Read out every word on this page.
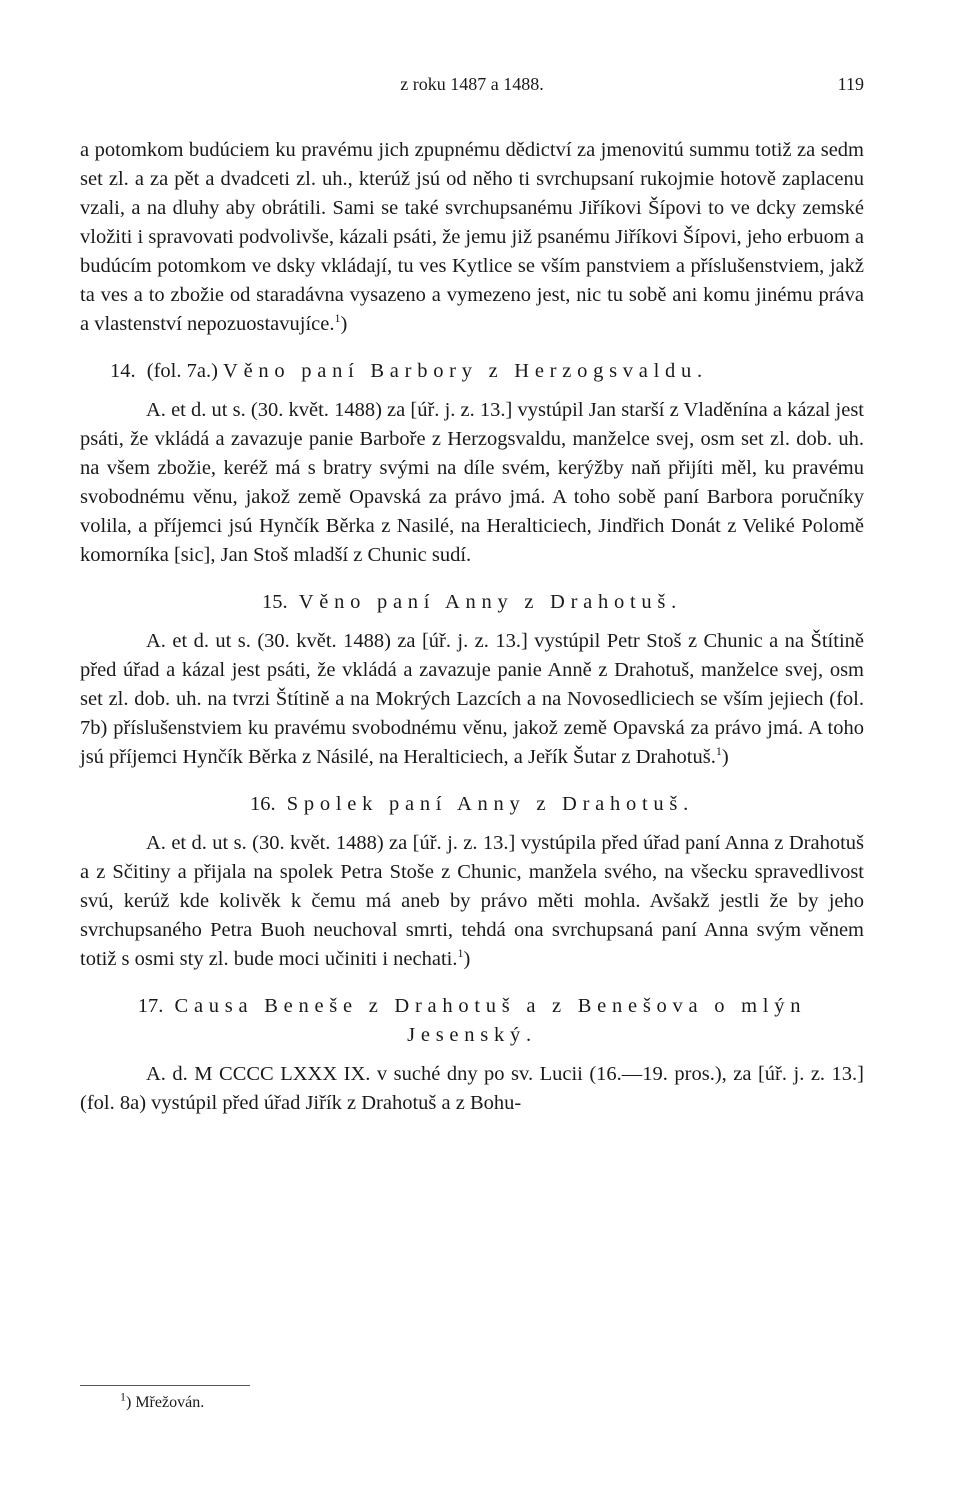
z roku 1487 a 1488.	119

a potomkom budúciem ku pravému jich zpupnému dědictví za jmenovitú summu totiž za sedm set zl. a za pět a dvadceti zl. uh., kterúž jsú od něho ti svrchupsaní rukojmie hotově zaplacenu vzali, a na dluhy aby obrátili. Sami se také svrchupsanému Jiříkovi Šípovi to ve dcky zemské vložiti i spravovati podvolivše, kázali psáti, že jemu již psanému Jiříkovi Šípovi, jeho erbuom a budúcím potomkom ve dsky vkládají, tu ves Kytlice se vším panstviem a příslušenstviem, jakž ta ves a to zbožie od staradávna vysazeno a vymezeno jest, nic tu sobě ani komu jinému práva a vlastenství nepozuostavujíce.$^1$)

14. (fol. 7a.) Věno paní Barbory z Herzogsvaldu.

A. et d. ut s. (30. květ. 1488) za [úř. j. z. 13.] vystúpil Jan starší z Vladěnína a kázal jest psáti, že vkládá a zavazuje panie Barboře z Herzogsvaldu, manželce svej, osm set zl. dob. uh. na všem zbožie, keréž má s bratry svými na díle svém, kerýžby naň přijíti měl, ku pravému svobodnému věnu, jakož země Opavská za právo jmá. A toho sobě paní Barbora poručníky volila, a příjemci jsú Hynčík Běrka z Nasilé, na Heralticiech, Jindřich Donát z Veliké Polomě komorníka [sic], Jan Stoš mladší z Chunic sudí.

15. Věno paní Anny z Drahotuš.

A. et d. ut s. (30. květ. 1488) za [úř. j. z. 13.] vystúpil Petr Stoš z Chunic a na Štítině před úřad a kázal jest psáti, že vkládá a zavazuje panie Anně z Drahotuš, manželce svej, osm set zl. dob. uh. na tvrzi Štítině a na Mokrých Lazcích a na Novosedliciech se vším jejiech (fol. 7b) příslušenstviem ku pravému svobodnému věnu, jakož země Opavská za právo jmá. A toho jsú příjemci Hynčík Běrka z Násilé, na Heralticiech, a Jeřík Šutar z Drahotuš.$^1$)

16. Spolek paní Anny z Drahotuš.

A. et d. ut s. (30. květ. 1488) za [úř. j. z. 13.] vystúpila před úřad paní Anna z Drahotuš a z Sčitiny a přijala na spolek Petra Stoše z Chunic, manžela svého, na všecku spravedlivost svú, kerúž kde kolivěk k čemu má aneb by právo měti mohla. Avšakž jestli že by jeho svrchupsaného Petra Buoh neuchoval smrti, tehdá ona svrchupsaná paní Anna svým věnem totiž s osmi sty zl. bude moci učiniti i nechati.$^1$)

17. Causa Beneše z Drahotuš a z Benešova o mlýn Jesenský.

A. d. M CCCC LXXX IX. v suché dny po sv. Lucii (16.—19. pros.), za [úř. j. z. 13.] (fol. 8a) vystúpil před úřad Jiřík z Drahotuš a z Bohu-

$^1$) Mřežován.
